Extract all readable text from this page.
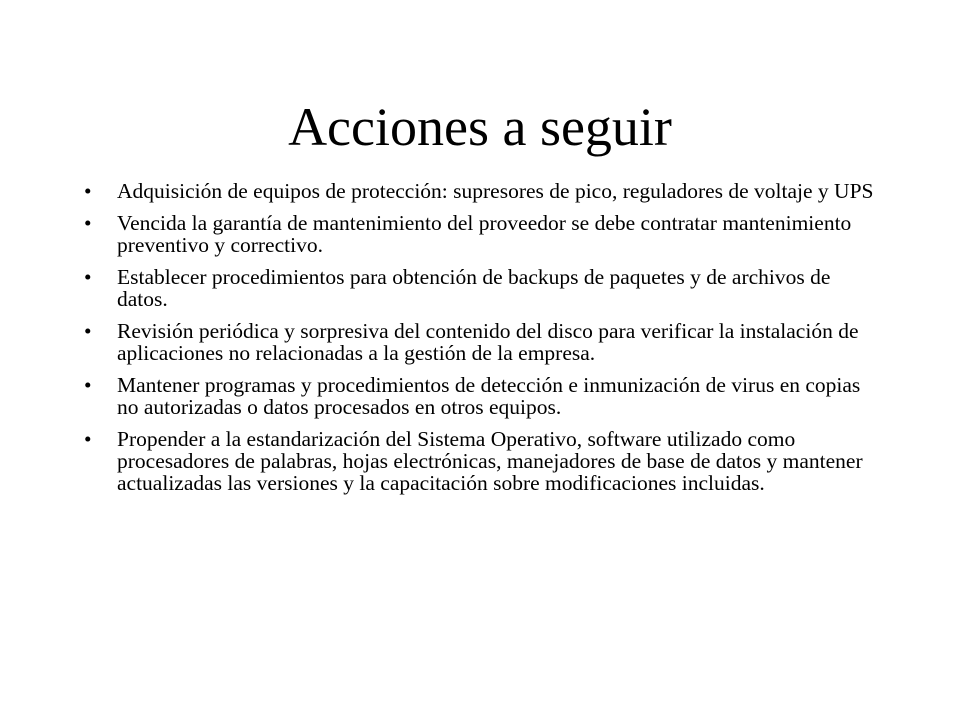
Acciones a seguir
• Adquisición de equipos de protección: supresores de pico, reguladores de voltaje y UPS
• Vencida la garantía de mantenimiento del proveedor se debe contratar mantenimiento preventivo y correctivo.
• Establecer procedimientos para obtención de backups de paquetes y de archivos de datos.
• Revisión periódica y sorpresiva del contenido del disco para verificar la instalación de aplicaciones no relacionadas a la gestión de la empresa.
• Mantener programas y procedimientos de detección e inmunización de virus en copias no autorizadas o datos procesados en otros equipos.
• Propender a la estandarización del Sistema Operativo, software utilizado como procesadores de palabras, hojas electrónicas, manejadores de base de datos y mantener actualizadas las versiones y la capacitación sobre modificaciones incluidas.
